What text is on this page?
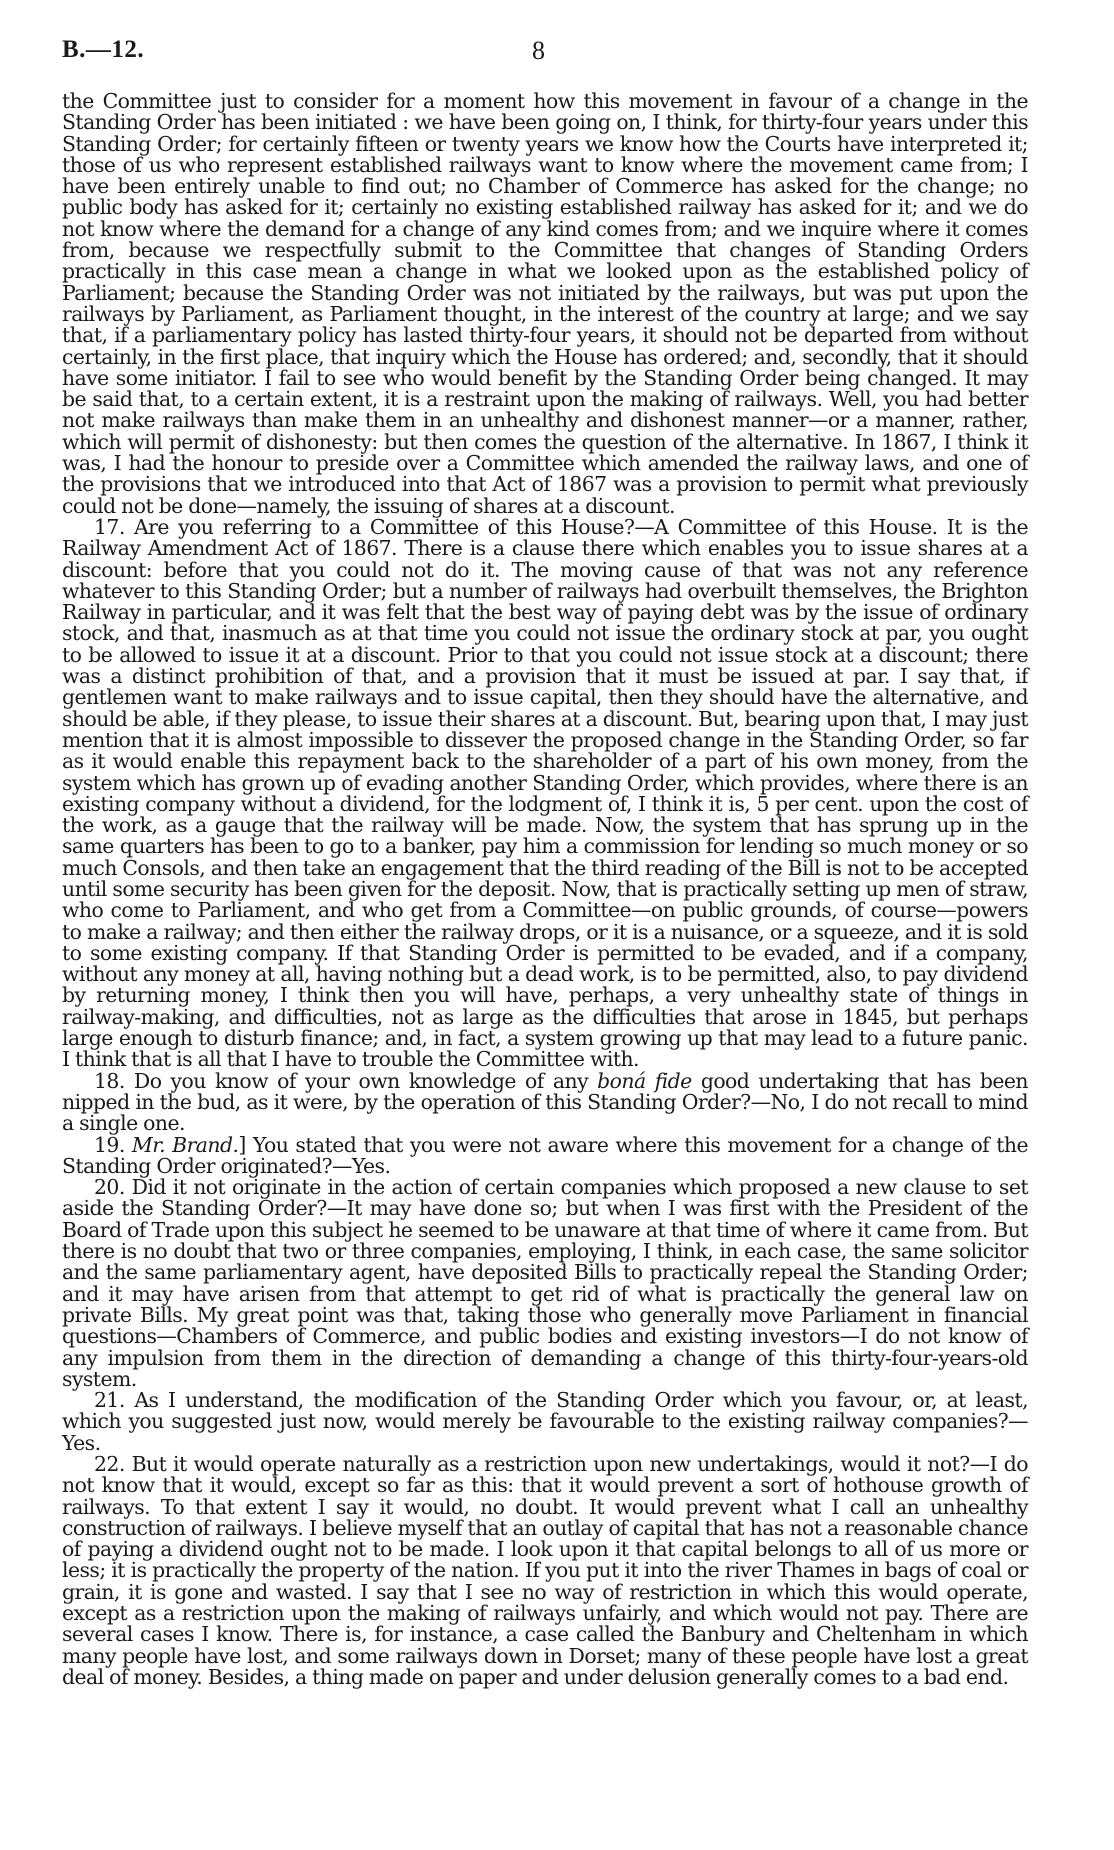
B.—12.	8

the Committee just to consider for a moment how this movement in favour of a change in the Standing Order has been initiated : we have been going on, I think, for thirty-four years under this Standing Order; for certainly fifteen or twenty years we know how the Courts have interpreted it; those of us who represent established railways want to know where the movement came from; I have been entirely unable to find out; no Chamber of Commerce has asked for the change; no public body has asked for it; certainly no existing established railway has asked for it; and we do not know where the demand for a change of any kind comes from; and we inquire where it comes from, because we respectfully submit to the Committee that changes of Standing Orders practically in this case mean a change in what we looked upon as the established policy of Parliament; because the Standing Order was not initiated by the railways, but was put upon the railways by Parliament, as Parliament thought, in the interest of the country at large; and we say that, if a parliamentary policy has lasted thirty-four years, it should not be departed from without certainly, in the first place, that inquiry which the House has ordered; and, secondly, that it should have some initiator. I fail to see who would benefit by the Standing Order being changed. It may be said that, to a certain extent, it is a restraint upon the making of railways. Well, you had better not make railways than make them in an unhealthy and dishonest manner—or a manner, rather, which will permit of dishonesty: but then comes the question of the alternative. In 1867, I think it was, I had the honour to preside over a Committee which amended the railway laws, and one of the provisions that we introduced into that Act of 1867 was a provision to permit what previously could not be done—namely, the issuing of shares at a discount.

17. Are you referring to a Committee of this House?—A Committee of this House. It is the Railway Amendment Act of 1867. There is a clause there which enables you to issue shares at a discount: before that you could not do it. The moving cause of that was not any reference whatever to this Standing Order; but a number of railways had overbuilt themselves, the Brighton Railway in particular, and it was felt that the best way of paying debt was by the issue of ordinary stock, and that, inasmuch as at that time you could not issue the ordinary stock at par, you ought to be allowed to issue it at a discount. Prior to that you could not issue stock at a discount; there was a distinct prohibition of that, and a provision that it must be issued at par. I say that, if gentlemen want to make railways and to issue capital, then they should have the alternative, and should be able, if they please, to issue their shares at a discount. But, bearing upon that, I may just mention that it is almost impossible to dissever the proposed change in the Standing Order, so far as it would enable this repayment back to the shareholder of a part of his own money, from the system which has grown up of evading another Standing Order, which provides, where there is an existing company without a dividend, for the lodgment of, I think it is, 5 per cent. upon the cost of the work, as a gauge that the railway will be made. Now, the system that has sprung up in the same quarters has been to go to a banker, pay him a commission for lending so much money or so much Consols, and then take an engagement that the third reading of the Bill is not to be accepted until some security has been given for the deposit. Now, that is practically setting up men of straw, who come to Parliament, and who get from a Committee—on public grounds, of course—powers to make a railway; and then either the railway drops, or it is a nuisance, or a squeeze, and it is sold to some existing company. If that Standing Order is permitted to be evaded, and if a company, without any money at all, having nothing but a dead work, is to be permitted, also, to pay dividend by returning money, I think then you will have, perhaps, a very unhealthy state of things in railway-making, and difficulties, not as large as the difficulties that arose in 1845, but perhaps large enough to disturb finance; and, in fact, a system growing up that may lead to a future panic. I think that is all that I have to trouble the Committee with.

18. Do you know of your own knowledge of any boná fide good undertaking that has been nipped in the bud, as it were, by the operation of this Standing Order?—No, I do not recall to mind a single one.

19. Mr. Brand.] You stated that you were not aware where this movement for a change of the Standing Order originated?—Yes.

20. Did it not originate in the action of certain companies which proposed a new clause to set aside the Standing Order?—It may have done so; but when I was first with the President of the Board of Trade upon this subject he seemed to be unaware at that time of where it came from. But there is no doubt that two or three companies, employing, I think, in each case, the same solicitor and the same parliamentary agent, have deposited Bills to practically repeal the Standing Order; and it may have arisen from that attempt to get rid of what is practically the general law on private Bills. My great point was that, taking those who generally move Parliament in financial questions—Chambers of Commerce, and public bodies and existing investors—I do not know of any impulsion from them in the direction of demanding a change of this thirty-four-years-old system.

21. As I understand, the modification of the Standing Order which you favour, or, at least, which you suggested just now, would merely be favourable to the existing railway companies?—Yes.

22. But it would operate naturally as a restriction upon new undertakings, would it not?—I do not know that it would, except so far as this: that it would prevent a sort of hothouse growth of railways. To that extent I say it would, no doubt. It would prevent what I call an unhealthy construction of railways. I believe myself that an outlay of capital that has not a reasonable chance of paying a dividend ought not to be made. I look upon it that capital belongs to all of us more or less; it is practically the property of the nation. If you put it into the river Thames in bags of coal or grain, it is gone and wasted. I say that I see no way of restriction in which this would operate, except as a restriction upon the making of railways unfairly, and which would not pay. There are several cases I know. There is, for instance, a case called the Banbury and Cheltenham in which many people have lost, and some railways down in Dorset; many of these people have lost a great deal of money. Besides, a thing made on paper and under delusion generally comes to a bad end.
